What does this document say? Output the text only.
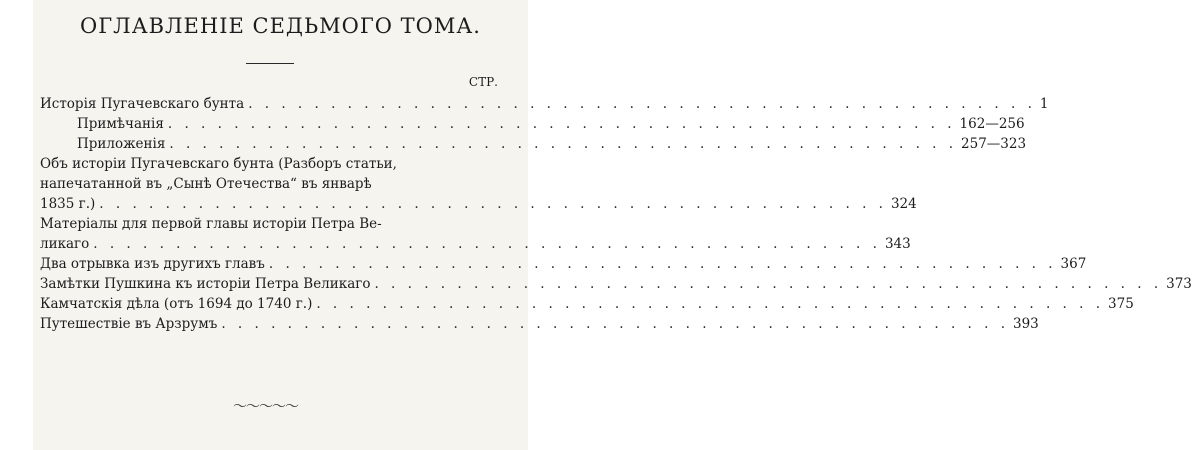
ОГЛАВЛЕНІЕ СЕДЬМОГО ТОМА.
СТР.
Исторія Пугачевскаго бунта . . . . . . . . . . . . . . . . . . . . . . . . . . . . . . . . . . . . . . . . . . . . . . . . 1
Примѣчанія . . . . . . . . . . . . . . . . . . . . . . . . . . . . . . . . . . . . . . . . . . . . . . . . 162—256
Приложенія . . . . . . . . . . . . . . . . . . . . . . . . . . . . . . . . . . . . . . . . . . . . . . . . 257—323
Объ исторіи Пугачевскаго бунта (Разборъ статьи,
напечатанной въ „Сынѣ Отечества“ въ январѣ
1835 г.) . . . . . . . . . . . . . . . . . . . . . . . . . . . . . . . . . . . . . . . . . . . . . . . . 324
Матеріалы для первой главы исторіи Петра Ве-
ликаго . . . . . . . . . . . . . . . . . . . . . . . . . . . . . . . . . . . . . . . . . . . . . . . . 343
Два отрывка изъ другихъ главъ . . . . . . . . . . . . . . . . . . . . . . . . . . . . . . . . . . . . . . . . . . . . . . . . 367
Замѣтки Пушкина къ исторіи Петра Великаго . . . . . . . . . . . . . . . . . . . . . . . . . . . . . . . . . . . . . . . . . . . . . . . . 373
Камчатскія дѣла (отъ 1694 до 1740 г.) . . . . . . . . . . . . . . . . . . . . . . . . . . . . . . . . . . . . . . . . . . . . . . . . 375
Путешествіе въ Арзрумъ . . . . . . . . . . . . . . . . . . . . . . . . . . . . . . . . . . . . . . . . . . . . . . . . 393
〜〜〜〜〜
